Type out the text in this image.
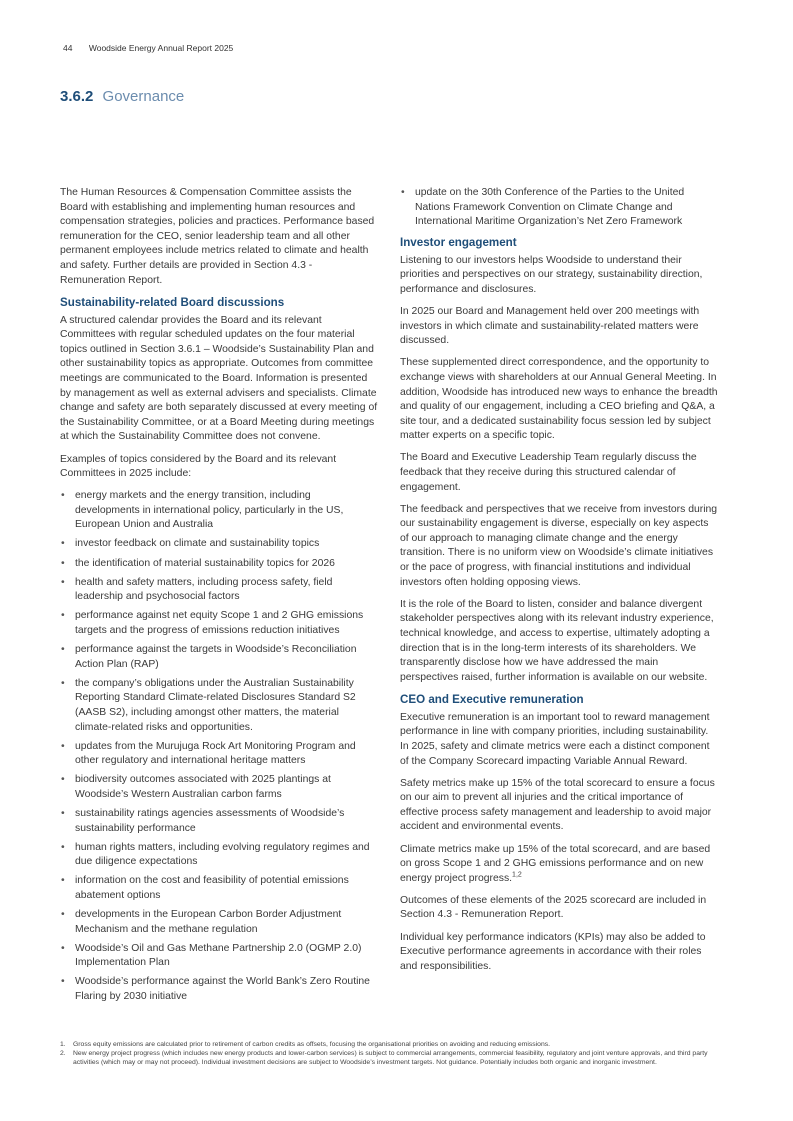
44 Woodside Energy Annual Report 2025
3.6.2 Governance

The Human Resources & Compensation Committee assists the Board with establishing and implementing human resources and compensation strategies, policies and practices. Performance based remuneration for the CEO, senior leadership team and all other permanent employees include metrics related to climate and health and safety. Further details are provided in Section 4.3 - Remuneration Report.

Sustainability-related Board discussions

A structured calendar provides the Board and its relevant Committees with regular scheduled updates on the four material topics outlined in Section 3.6.1 – Woodside’s Sustainability Plan and other sustainability topics as appropriate. Outcomes from committee meetings are communicated to the Board. Information is presented by management as well as external advisers and specialists. Climate change and safety are both separately discussed at every meeting of the Sustainability Committee, or at a Board Meeting during meetings at which the Sustainability Committee does not convene.

Examples of topics considered by the Board and its relevant Committees in 2025 include:

• energy markets and the energy transition, including developments in international policy, particularly in the US, European Union and Australia
• investor feedback on climate and sustainability topics
• the identification of material sustainability topics for 2026
• health and safety matters, including process safety, field leadership and psychosocial factors
• performance against net equity Scope 1 and 2 GHG emissions targets and the progress of emissions reduction initiatives
• performance against the targets in Woodside’s Reconciliation Action Plan (RAP)
• the company’s obligations under the Australian Sustainability Reporting Standard Climate-related Disclosures Standard S2 (AASB S2), including amongst other matters, the material climate-related risks and opportunities.
• updates from the Murujuga Rock Art Monitoring Program and other regulatory and international heritage matters
• biodiversity outcomes associated with 2025 plantings at Woodside’s Western Australian carbon farms
• sustainability ratings agencies assessments of Woodside’s sustainability performance
• human rights matters, including evolving regulatory regimes and due diligence expectations
• information on the cost and feasibility of potential emissions abatement options
• developments in the European Carbon Border Adjustment Mechanism and the methane regulation
• Woodside’s Oil and Gas Methane Partnership 2.0 (OGMP 2.0) Implementation Plan
• Woodside’s performance against the World Bank’s Zero Routine Flaring by 2030 initiative
• update on the 30th Conference of the Parties to the United Nations Framework Convention on Climate Change and International Maritime Organization’s Net Zero Framework
Investor engagement

Listening to our investors helps Woodside to understand their priorities and perspectives on our strategy, sustainability direction, performance and disclosures.

In 2025 our Board and Management held over 200 meetings with investors in which climate and sustainability-related matters were discussed.

These supplemented direct correspondence, and the opportunity to exchange views with shareholders at our Annual General Meeting. In addition, Woodside has introduced new ways to enhance the breadth and quality of our engagement, including a CEO briefing and Q&A, a site tour, and a dedicated sustainability focus session led by subject matter experts on a specific topic.

The Board and Executive Leadership Team regularly discuss the feedback that they receive during this structured calendar of engagement.

The feedback and perspectives that we receive from investors during our sustainability engagement is diverse, especially on key aspects of our approach to managing climate change and the energy transition. There is no uniform view on Woodside’s climate initiatives or the pace of progress, with financial institutions and individual investors often holding opposing views.

It is the role of the Board to listen, consider and balance divergent stakeholder perspectives along with its relevant industry experience, technical knowledge, and access to expertise, ultimately adopting a direction that is in the long-term interests of its shareholders. We transparently disclose how we have addressed the main perspectives raised, further information is available on our website.

CEO and Executive remuneration

Executive remuneration is an important tool to reward management performance in line with company priorities, including sustainability. In 2025, safety and climate metrics were each a distinct component of the Company Scorecard impacting Variable Annual Reward.

Safety metrics make up 15% of the total scorecard to ensure a focus on our aim to prevent all injuries and the critical importance of effective process safety management and leadership to avoid major accident and environmental events.

Climate metrics make up 15% of the total scorecard, and are based on gross Scope 1 and 2 GHG emissions performance and on new energy project progress.$^{1,2}$

Outcomes of these elements of the 2025 scorecard are included in Section 4.3 - Remuneration Report.

Individual key performance indicators (KPIs) may also be added to Executive performance agreements in accordance with their roles and responsibilities.

1. Gross equity emissions are calculated prior to retirement of carbon credits as offsets, focusing the organisational priorities on avoiding and reducing emissions.
2. New energy project progress (which includes new energy products and lower-carbon services) is subject to commercial arrangements, commercial feasibility, regulatory and joint venture approvals, and third party activities (which may or may not proceed). Individual investment decisions are subject to Woodside’s investment targets. Not guidance. Potentially includes both organic and inorganic investment.
